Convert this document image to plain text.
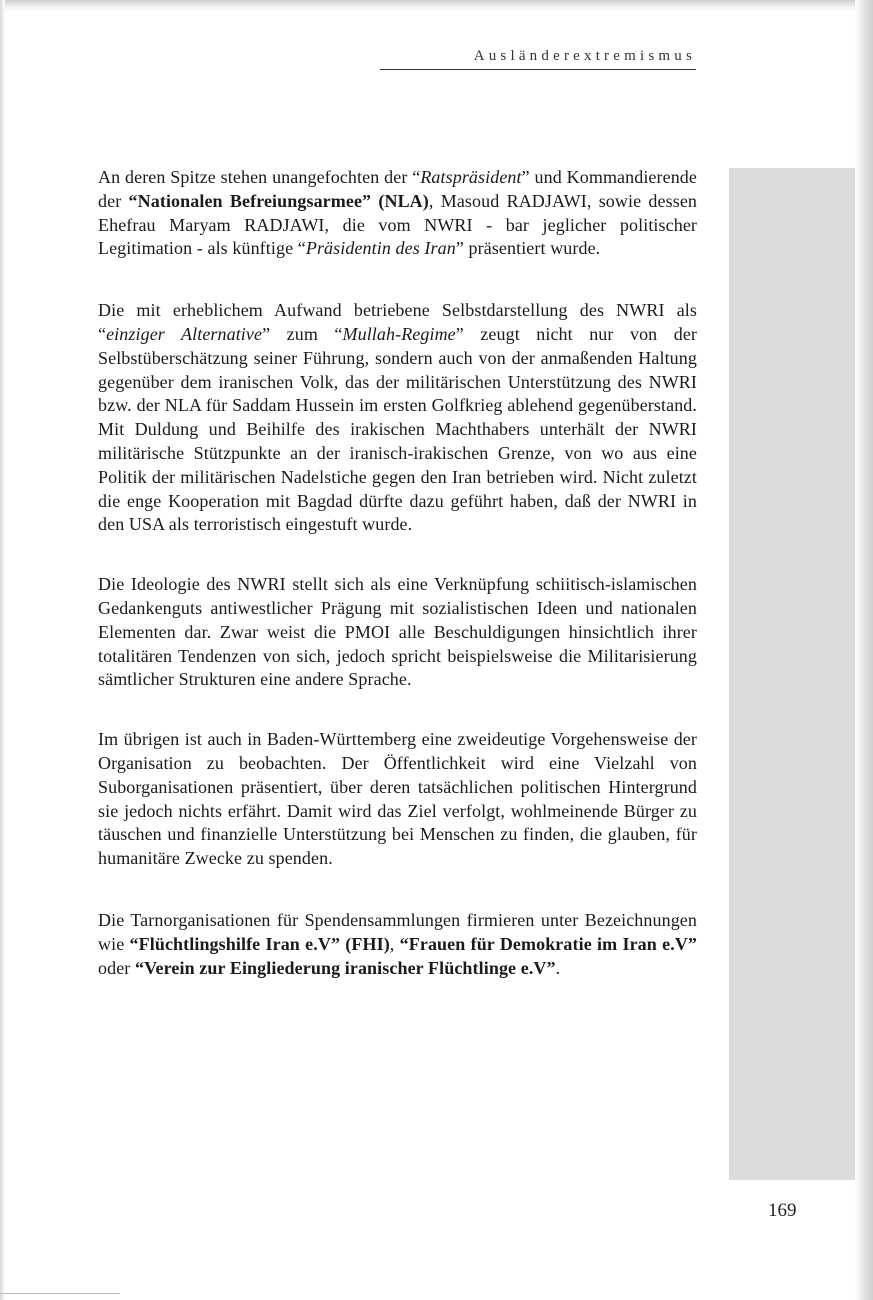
Ausländerextremismus

An deren Spitze stehen unangefochten der “Ratspräsident” und Kommandierende der “Nationalen Befreiungsarmee” (NLA), Masoud RADJAWI, sowie dessen Ehefrau Maryam RADJAWI, die vom NWRI - bar jeglicher politischer Legitimation - als künftige “Präsidentin des Iran” präsentiert wurde.

Die mit erheblichem Aufwand betriebene Selbstdarstellung des NWRI als “einziger Alternative” zum “Mullah-Regime” zeugt nicht nur von der Selbstüberschätzung seiner Führung, sondern auch von der anmaßenden Haltung gegenüber dem iranischen Volk, das der militärischen Unterstützung des NWRI bzw. der NLA für Saddam Hussein im ersten Golfkrieg ablehend gegenüberstand. Mit Duldung und Beihilfe des irakischen Machthabers unterhält der NWRI militärische Stützpunkte an der iranisch-irakischen Grenze, von wo aus eine Politik der militärischen Nadelstiche gegen den Iran betrieben wird. Nicht zuletzt die enge Kooperation mit Bagdad dürfte dazu geführt haben, daß der NWRI in den USA als terroristisch eingestuft wurde.

Die Ideologie des NWRI stellt sich als eine Verknüpfung schiitisch-islamischen Gedankenguts antiwestlicher Prägung mit sozialistischen Ideen und nationalen Elementen dar. Zwar weist die PMOI alle Beschuldigungen hinsichtlich ihrer totalitären Tendenzen von sich, jedoch spricht beispielsweise die Militarisierung sämtlicher Strukturen eine andere Sprache.

Im übrigen ist auch in Baden-Württemberg eine zweideutige Vorgehensweise der Organisation zu beobachten. Der Öffentlichkeit wird eine Vielzahl von Suborganisationen präsentiert, über deren tatsächlichen politischen Hintergrund sie jedoch nichts erfährt. Damit wird das Ziel verfolgt, wohlmeinende Bürger zu täuschen und finanzielle Unterstützung bei Menschen zu finden, die glauben, für humanitäre Zwecke zu spenden.

Die Tarnorganisationen für Spendensammlungen firmieren unter Bezeichnungen wie “Flüchtlingshilfe Iran e.V” (FHI), “Frauen für Demokratie im Iran e.V” oder “Verein zur Eingliederung iranischer Flüchtlinge e.V”.

169
